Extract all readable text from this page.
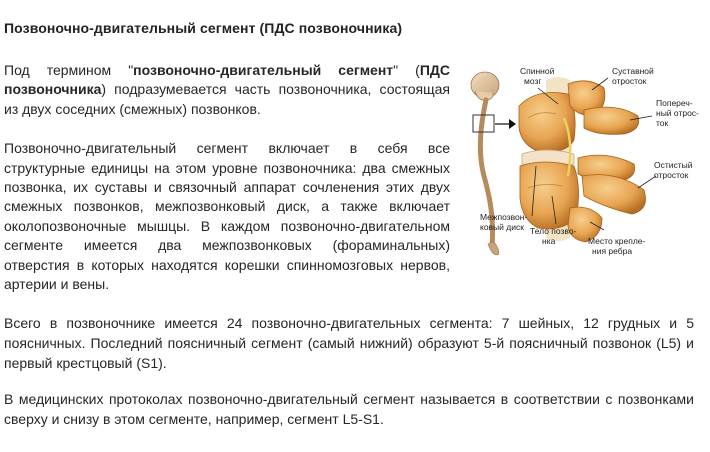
Позвоночно-двигательный сегмент (ПДС позвоночника)

Под термином "позвоночно-двигательный сегмент" (ПДС позвоночника) подразумевается часть позвоночника, состоящая из двух соседних (смежных) позвонков.

Позвоночно-двигательный сегмент включает в себя все структурные единицы на этом уровне позвоночника: два смежных позвонка, их суставы и связочный аппарат сочленения этих двух смежных позвонков, межпозвонковый диск, а также включает околопозвоночные мышцы. В каждом позвоночно-двигательном сегменте имеется два межпозвонковых (фораминальных) отверстия в которых находятся корешки спинномозговых нервов, артерии и вены.

Спинной
мозг
Суставной
отросток
Попереч-
ный отрос-
ток
Остистый
отросток
Межпозвон-
ковый диск Тело позво-
нка	Место крепле-
ния ребра

Всего в позвоночнике имеется 24 позвоночно-двигательных сегмента: 7 шейных, 12 грудных и 5 поясничных. Последний поясничный сегмент (самый нижний) образуют 5-й поясничный позвонок (L5) и первый крестцовый (S1).

В медицинских протоколах позвоночно-двигательный сегмент называется в соответствии с позвонками сверху и снизу в этом сегменте, например, сегмент L5-S1.
